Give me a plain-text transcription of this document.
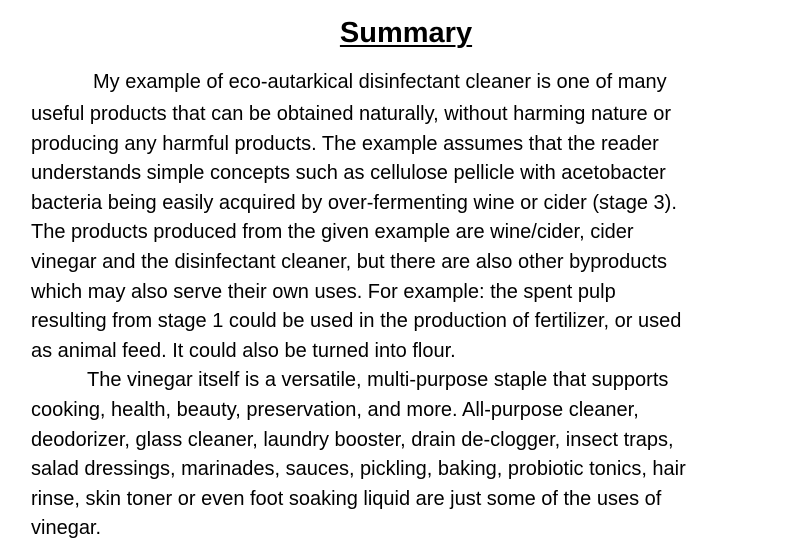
Summary

My example of eco-autarkical disinfectant cleaner is one of many
useful products that can be obtained naturally, without harming nature or
producing any harmful products. The example assumes that the reader
understands simple concepts such as cellulose pellicle with acetobacter
bacteria being easily acquired by over-fermenting wine or cider (stage 3).
The products produced from the given example are wine/cider, cider
vinegar and the disinfectant cleaner, but there are also other byproducts
which may also serve their own uses. For example: the spent pulp
resulting from stage 1 could be used in the production of fertilizer, or used
as animal feed. It could also be turned into flour.

The vinegar itself is a versatile, multi-purpose staple that supports
cooking, health, beauty, preservation, and more. All-purpose cleaner,
deodorizer, glass cleaner, laundry booster, drain de-clogger, insect traps,
salad dressings, marinades, sauces, pickling, baking, probiotic tonics, hair
rinse, skin toner or even foot soaking liquid are just some of the uses of
vinegar.
